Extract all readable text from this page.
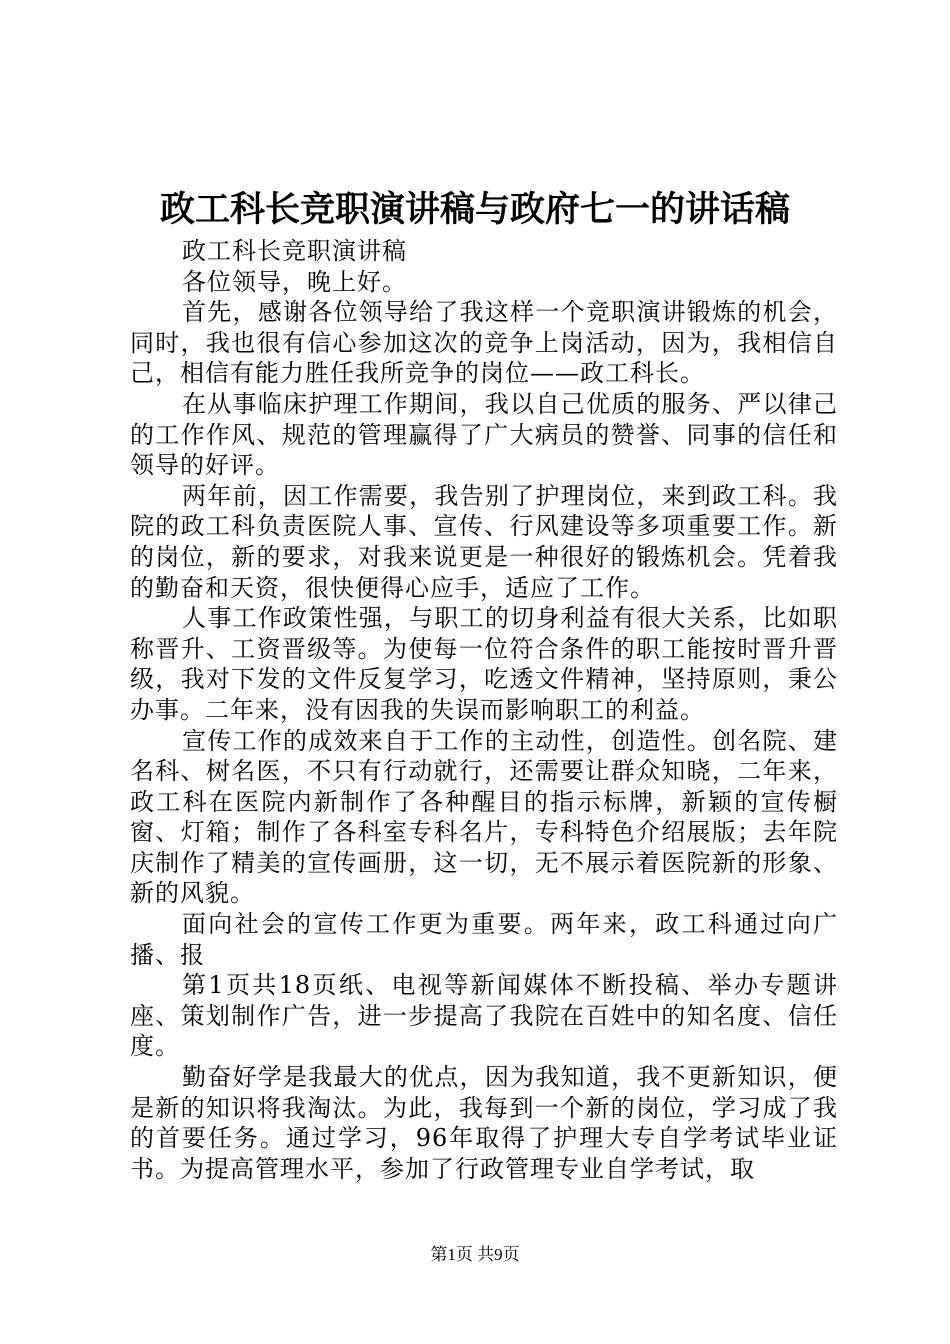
政工科长竞职演讲稿与政府七一的讲话稿

政工科长竞职演讲稿

各位领导，晚上好。

首先，感谢各位领导给了我这样一个竞职演讲锻炼的机会，同时，我也很有信心参加这次的竞争上岗活动，因为，我相信自己，相信有能力胜任我所竞争的岗位——政工科长。

在从事临床护理工作期间，我以自己优质的服务、严以律己的工作作风、规范的管理赢得了广大病员的赞誉、同事的信任和领导的好评。

两年前，因工作需要，我告别了护理岗位，来到政工科。我院的政工科负责医院人事、宣传、行风建设等多项重要工作。新的岗位，新的要求，对我来说更是一种很好的锻炼机会。凭着我的勤奋和天资，很快便得心应手，适应了工作。

人事工作政策性强，与职工的切身利益有很大关系，比如职称晋升、工资晋级等。为使每一位符合条件的职工能按时晋升晋级，我对下发的文件反复学习，吃透文件精神，坚持原则，秉公办事。二年来，没有因我的失误而影响职工的利益。

宣传工作的成效来自于工作的主动性，创造性。创名院、建名科、树名医，不只有行动就行，还需要让群众知晓，二年来，政工科在医院内新制作了各种醒目的指示标牌，新颖的宣传橱窗、灯箱；制作了各科室专科名片，专科特色介绍展版；去年院庆制作了精美的宣传画册，这一切，无不展示着医院新的形象、新的风貌。

面向社会的宣传工作更为重要。两年来，政工科通过向广播、报

第1页共18页纸、电视等新闻媒体不断投稿、举办专题讲座、策划制作广告，进一步提高了我院在百姓中的知名度、信任度。

勤奋好学是我最大的优点，因为我知道，我不更新知识，便是新的知识将我淘汰。为此，我每到一个新的岗位，学习成了我的首要任务。通过学习，96年取得了护理大专自学考试毕业证书。为提高管理水平，参加了行政管理专业自学考试，取

第1页 共9页
